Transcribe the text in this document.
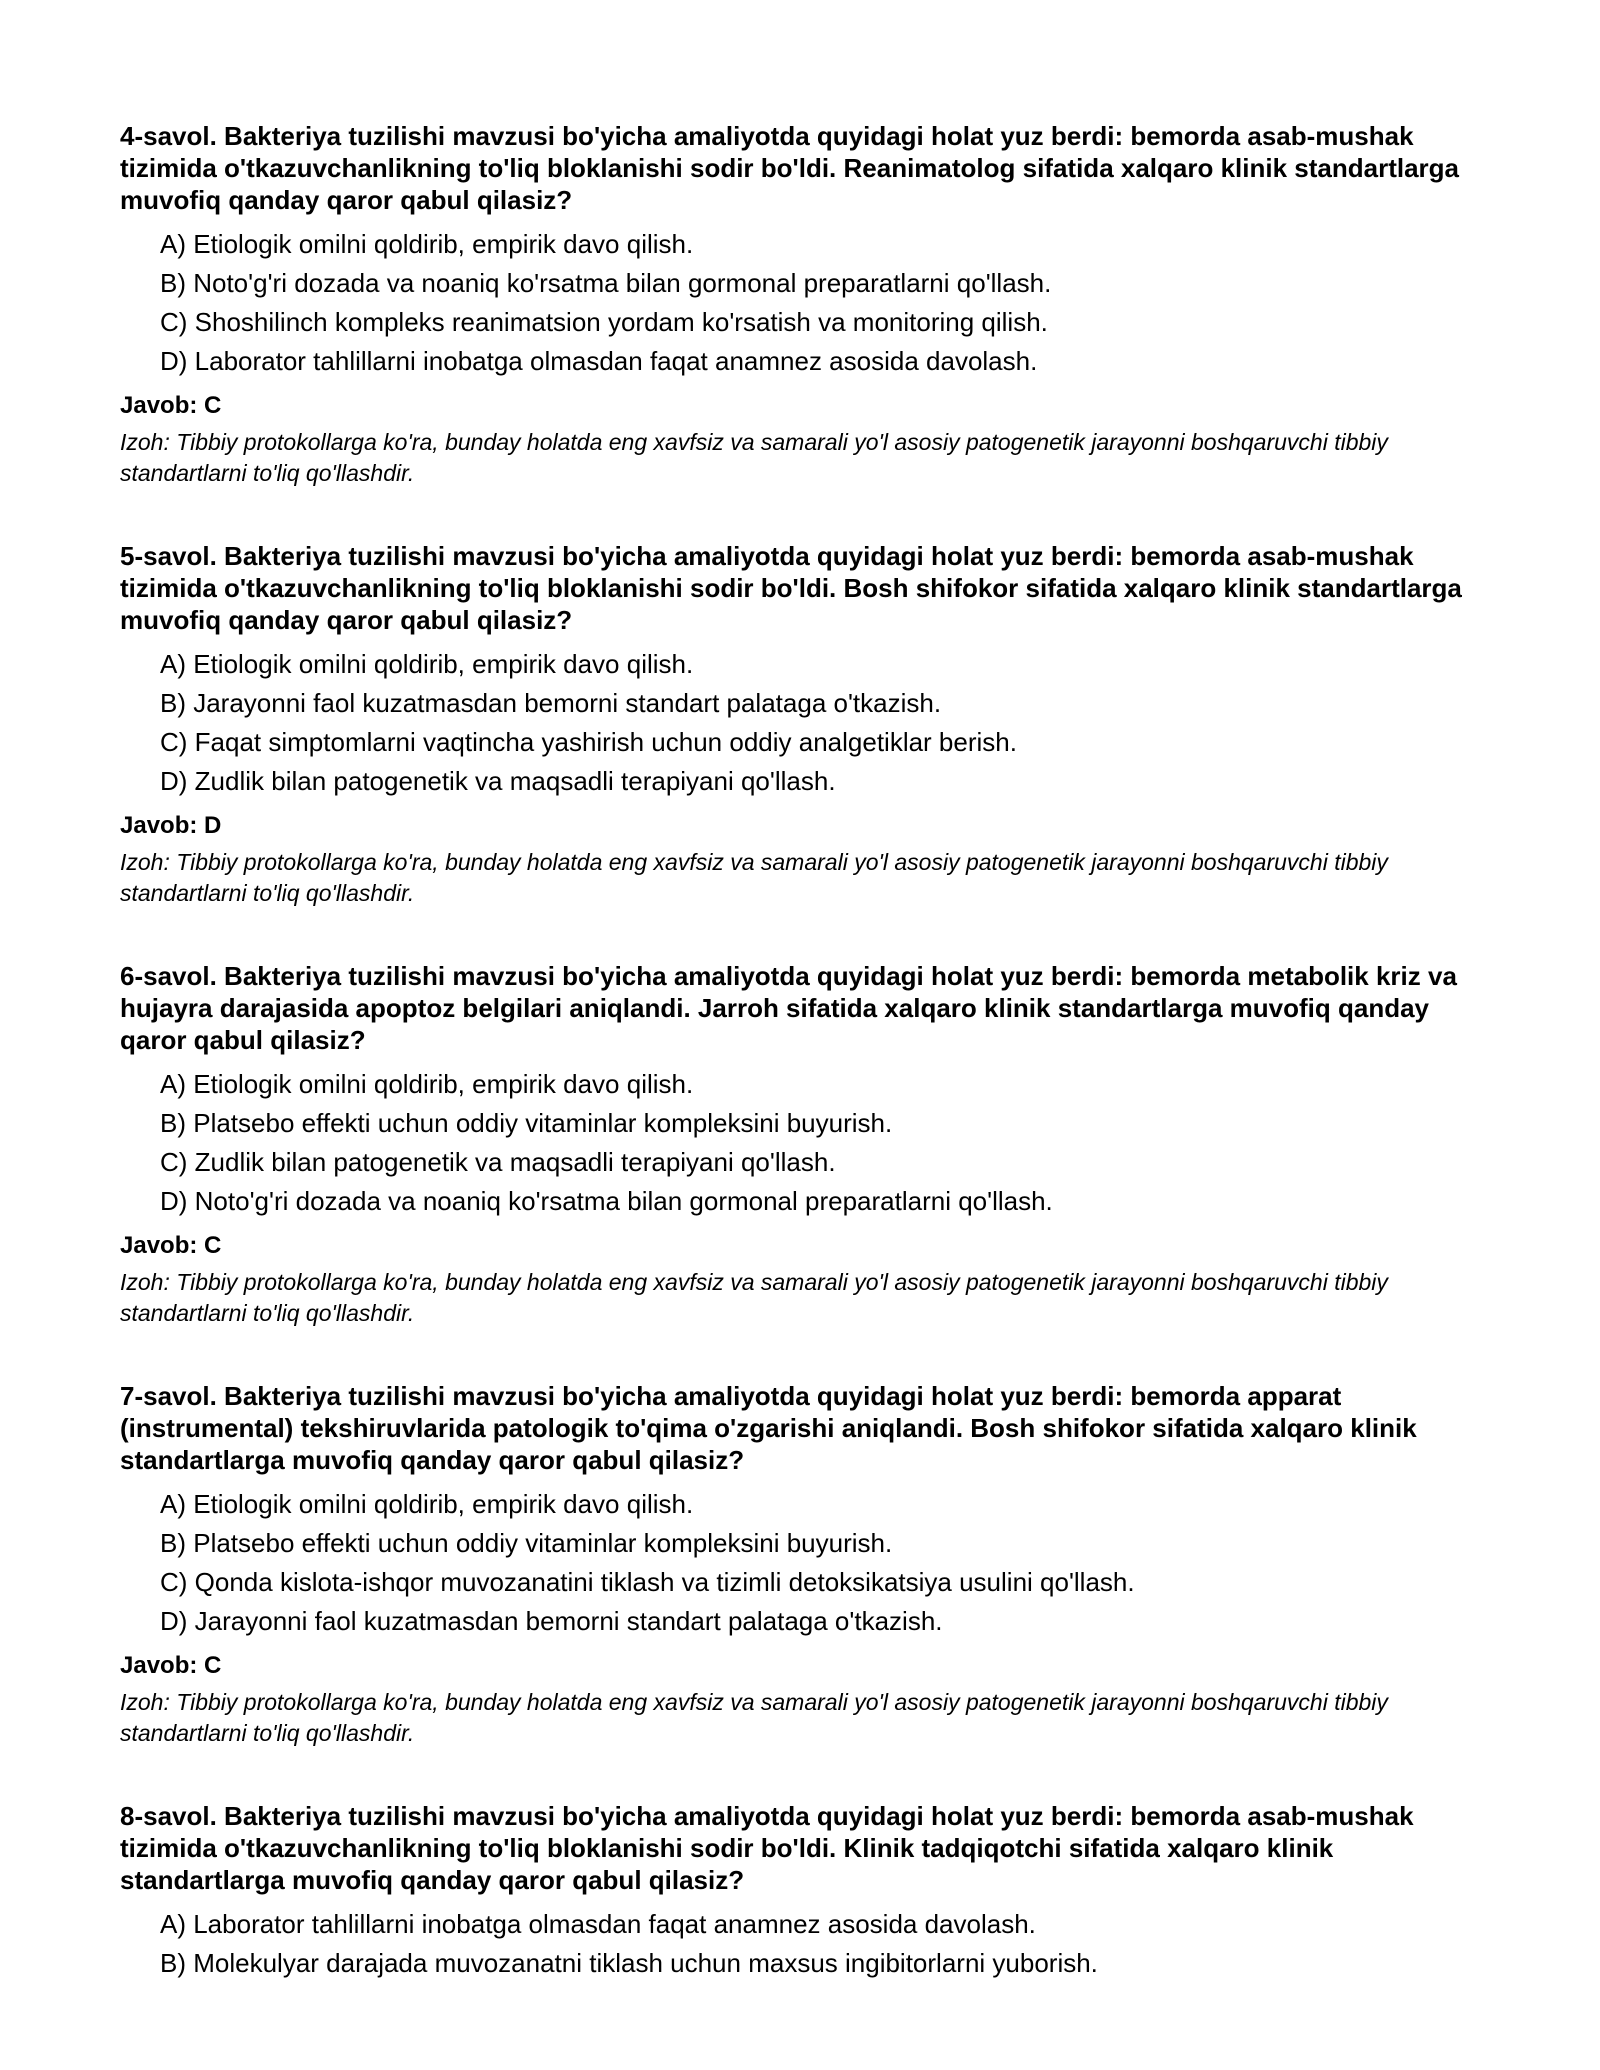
4-savol. Bakteriya tuzilishi mavzusi bo'yicha amaliyotda quyidagi holat yuz berdi: bemorda asab-mushak tizimida o'tkazuvchanlikning to'liq bloklanishi sodir bo'ldi. Reanimatolog sifatida xalqaro klinik standartlarga muvofiq qanday qaror qabul qilasiz?

A) Etiologik omilni qoldirib, empirik davo qilish.
B) Noto'g'ri dozada va noaniq ko'rsatma bilan gormonal preparatlarni qo'llash.
C) Shoshilinch kompleks reanimatsion yordam ko'rsatish va monitoring qilish.
D) Laborator tahlillarni inobatga olmasdan faqat anamnez asosida davolash.

Javob: C

Izoh: Tibbiy protokollarga ko'ra, bunday holatda eng xavfsiz va samarali yo'l asosiy patogenetik jarayonni boshqaruvchi tibbiy standartlarni to'liq qo'llashdir.

5-savol. Bakteriya tuzilishi mavzusi bo'yicha amaliyotda quyidagi holat yuz berdi: bemorda asab-mushak tizimida o'tkazuvchanlikning to'liq bloklanishi sodir bo'ldi. Bosh shifokor sifatida xalqaro klinik standartlarga muvofiq qanday qaror qabul qilasiz?

A) Etiologik omilni qoldirib, empirik davo qilish.
B) Jarayonni faol kuzatmasdan bemorni standart palataga o'tkazish.
C) Faqat simptomlarni vaqtincha yashirish uchun oddiy analgetiklar berish.
D) Zudlik bilan patogenetik va maqsadli terapiyani qo'llash.

Javob: D

Izoh: Tibbiy protokollarga ko'ra, bunday holatda eng xavfsiz va samarali yo'l asosiy patogenetik jarayonni boshqaruvchi tibbiy standartlarni to'liq qo'llashdir.

6-savol. Bakteriya tuzilishi mavzusi bo'yicha amaliyotda quyidagi holat yuz berdi: bemorda metabolik kriz va hujayra darajasida apoptoz belgilari aniqlandi. Jarroh sifatida xalqaro klinik standartlarga muvofiq qanday qaror qabul qilasiz?

A) Etiologik omilni qoldirib, empirik davo qilish.
B) Platsebo effekti uchun oddiy vitaminlar kompleksini buyurish.
C) Zudlik bilan patogenetik va maqsadli terapiyani qo'llash.
D) Noto'g'ri dozada va noaniq ko'rsatma bilan gormonal preparatlarni qo'llash.

Javob: C

Izoh: Tibbiy protokollarga ko'ra, bunday holatda eng xavfsiz va samarali yo'l asosiy patogenetik jarayonni boshqaruvchi tibbiy standartlarni to'liq qo'llashdir.

7-savol. Bakteriya tuzilishi mavzusi bo'yicha amaliyotda quyidagi holat yuz berdi: bemorda apparat (instrumental) tekshiruvlarida patologik to'qima o'zgarishi aniqlandi. Bosh shifokor sifatida xalqaro klinik standartlarga muvofiq qanday qaror qabul qilasiz?

A) Etiologik omilni qoldirib, empirik davo qilish.
B) Platsebo effekti uchun oddiy vitaminlar kompleksini buyurish.
C) Qonda kislota-ishqor muvozanatini tiklash va tizimli detoksikatsiya usulini qo'llash.
D) Jarayonni faol kuzatmasdan bemorni standart palataga o'tkazish.

Javob: C

Izoh: Tibbiy protokollarga ko'ra, bunday holatda eng xavfsiz va samarali yo'l asosiy patogenetik jarayonni boshqaruvchi tibbiy standartlarni to'liq qo'llashdir.

8-savol. Bakteriya tuzilishi mavzusi bo'yicha amaliyotda quyidagi holat yuz berdi: bemorda asab-mushak tizimida o'tkazuvchanlikning to'liq bloklanishi sodir bo'ldi. Klinik tadqiqotchi sifatida xalqaro klinik standartlarga muvofiq qanday qaror qabul qilasiz?

A) Laborator tahlillarni inobatga olmasdan faqat anamnez asosida davolash.
B) Molekulyar darajada muvozanatni tiklash uchun maxsus ingibitorlarni yuborish.
